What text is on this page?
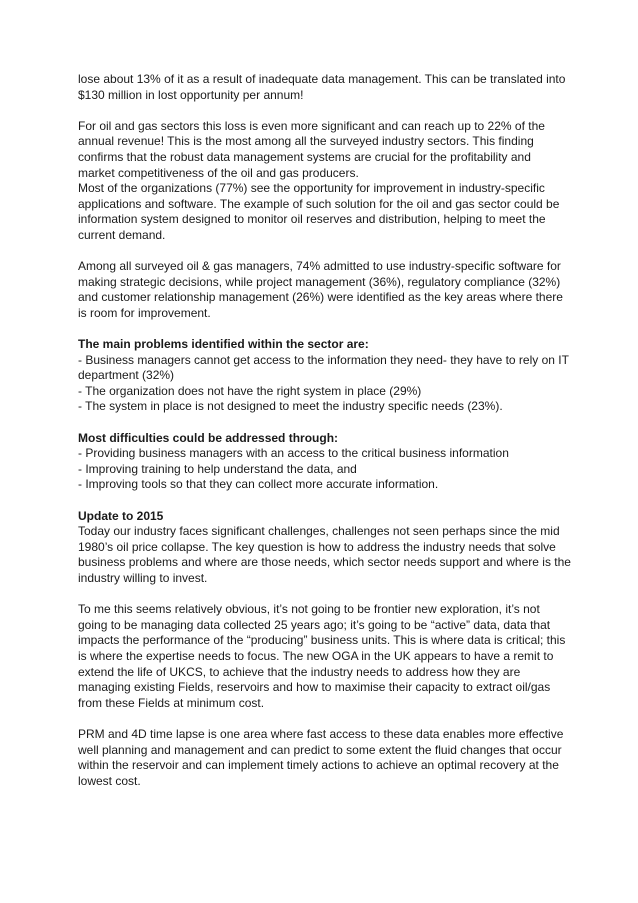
lose about 13% of it as a result of inadequate data management. This can be translated into
$130 million in lost opportunity per annum!

For oil and gas sectors this loss is even more significant and can reach up to 22% of the
annual revenue! This is the most among all the surveyed industry sectors. This finding
confirms that the robust data management systems are crucial for the profitability and
market competitiveness of the oil and gas producers.

Most of the organizations (77%) see the opportunity for improvement in industry-specific
applications and software. The example of such solution for the oil and gas sector could be
information system designed to monitor oil reserves and distribution, helping to meet the
current demand.

Among all surveyed oil & gas managers, 74% admitted to use industry-specific software for
making strategic decisions, while project management (36%), regulatory compliance (32%)
and customer relationship management (26%) were identified as the key areas where there
is room for improvement.

The main problems identified within the sector are:
- Business managers cannot get access to the information they need- they have to rely on IT
department (32%)
- The organization does not have the right system in place (29%)
- The system in place is not designed to meet the industry specific needs (23%).
Most difficulties could be addressed through:
- Providing business managers with an access to the critical business information
- Improving training to help understand the data, and
- Improving tools so that they can collect more accurate information.
Update to 2015
Today our industry faces significant challenges, challenges not seen perhaps since the mid
1980’s oil price collapse. The key question is how to address the industry needs that solve
business problems and where are those needs, which sector needs support and where is the
industry willing to invest.

To me this seems relatively obvious, it’s not going to be frontier new exploration, it’s not
going to be managing data collected 25 years ago; it’s going to be “active” data, data that
impacts the performance of the “producing” business units. This is where data is critical; this
is where the expertise needs to focus. The new OGA in the UK appears to have a remit to
extend the life of UKCS, to achieve that the industry needs to address how they are
managing existing Fields, reservoirs and how to maximise their capacity to extract oil/gas
from these Fields at minimum cost.

PRM and 4D time lapse is one area where fast access to these data enables more effective
well planning and management and can predict to some extent the fluid changes that occur
within the reservoir and can implement timely actions to achieve an optimal recovery at the
lowest cost.
